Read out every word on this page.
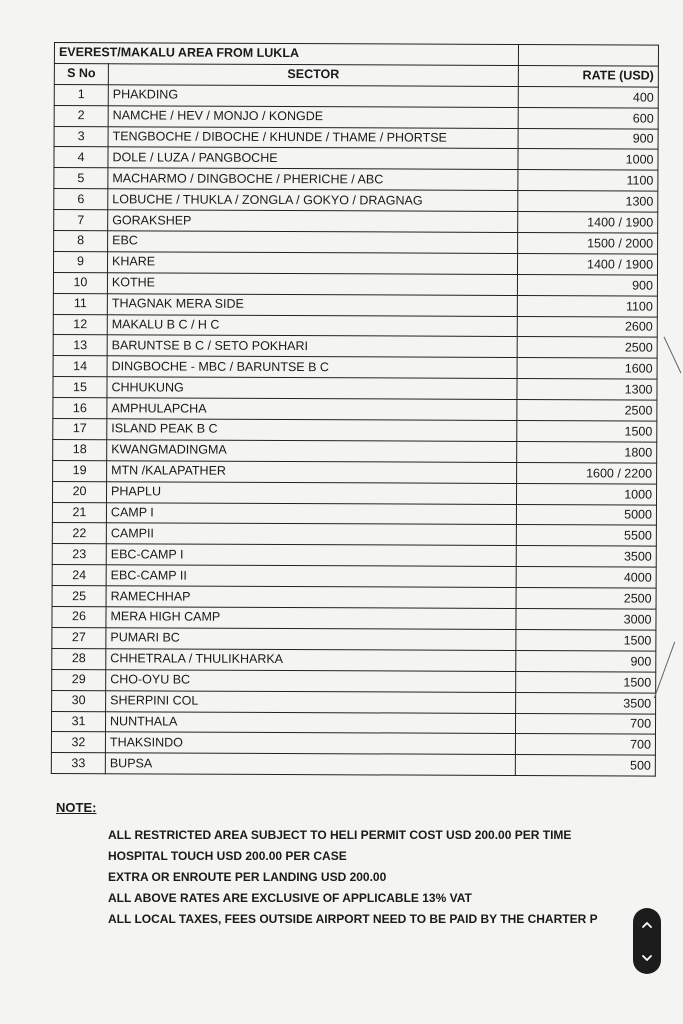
EVEREST/MAKALU AREA FROM LUKLA		
S No	SECTOR	RATE (USD)
1	PHAKDING	400
2	NAMCHE / HEV / MONJO / KONGDE	600
3	TENGBOCHE / DIBOCHE / KHUNDE / THAME / PHORTSE	900
4	DOLE / LUZA / PANGBOCHE	1000
5	MACHARMO / DINGBOCHE / PHERICHE / ABC	1100
6	LOBUCHE / THUKLA / ZONGLA / GOKYO / DRAGNAG	1300
7	GORAKSHEP	1400 / 1900
8	EBC	1500 / 2000
9	KHARE	1400 / 1900
10	KOTHE	900
11	THAGNAK MERA SIDE	1100
12	MAKALU B C / H C	2600
13	BARUNTSE B C / SETO POKHARI	2500
14	DINGBOCHE - MBC / BARUNTSE B C	1600
15	CHHUKUNG	1300
16	AMPHULAPCHA	2500
17	ISLAND PEAK B C	1500
18	KWANGMADINGMA	1800
19	MTN /KALAPATHER	1600 / 2200
20	PHAPLU	1000
21	CAMP I	5000
22	CAMPII	5500
23	EBC-CAMP I	3500
24	EBC-CAMP II	4000
25	RAMECHHAP	2500
26	MERA HIGH CAMP	3000
27	PUMARI BC	1500
28	CHHETRALA / THULIKHARKA	900
29	CHO-OYU BC	1500
30	SHERPINI COL	3500
31	NUNTHALA	700
32	THAKSINDO	700
33	BUPSA	500
NOTE:
ALL RESTRICTED AREA SUBJECT TO HELI PERMIT COST USD 200.00 PER TIME
HOSPITAL TOUCH USD 200.00 PER CASE
EXTRA OR ENROUTE PER LANDING USD 200.00
ALL ABOVE RATES ARE EXCLUSIVE OF APPLICABLE 13% VAT
ALL LOCAL TAXES, FEES OUTSIDE AIRPORT NEED TO BE PAID BY THE CHARTER P
